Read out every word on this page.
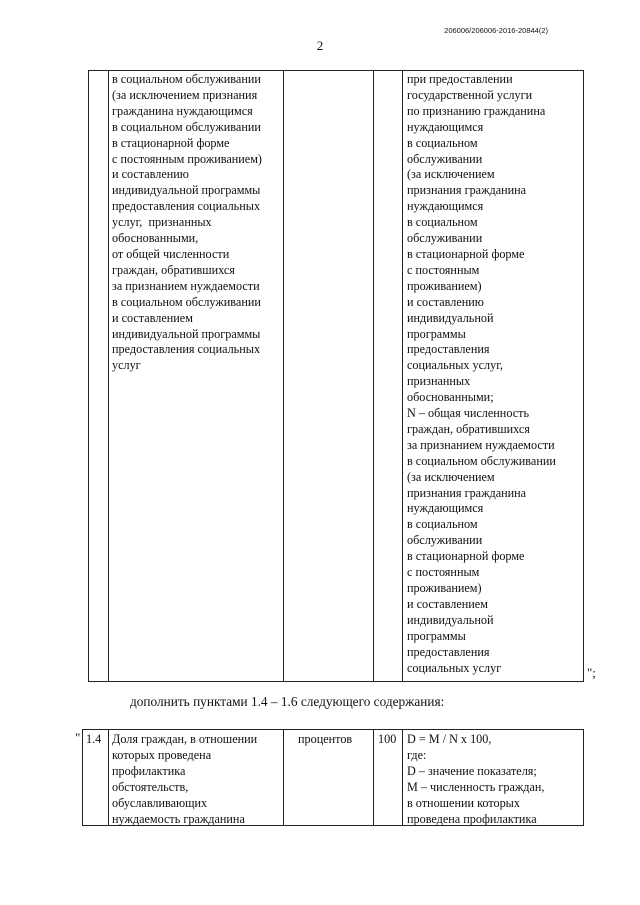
206006/206006-2016-20844(2)
2
в социальном обслуживании
(за исключением признания
гражданина нуждающимся
в социальном обслуживании
в стационарной форме
с постоянным проживанием)
и составлению
индивидуальной программы
предоставления социальных
услуг,  признанных
обоснованными,
от общей численности
граждан, обратившихся
за признанием нуждаемости
в социальном обслуживании
и составлением
индивидуальной программы
предоставления социальных
услуг
при предоставлении
государственной услуги
по признанию гражданина
нуждающимся
в социальном
обслуживании
(за исключением
признания гражданина
нуждающимся
в социальном
обслуживании
в стационарной форме
с постоянным
проживанием)
и составлению
индивидуальной
программы
предоставления
социальных услуг,
признанных
обоснованными;
N – общая численность
граждан, обратившихся
за признанием нуждаемости
в социальном обслуживании
(за исключением
признания гражданина
нуждающимся
в социальном
обслуживании
в стационарной форме
с постоянным
проживанием)
и составлением
индивидуальной
программы
предоставления
социальных услуг	";
дополнить пунктами 1.4 – 1.6 следующего содержания:
" 1.4 Доля граждан, в отношении
которых проведена
профилактика
обстоятельств,
обуславливающих
нуждаемость гражданина
процентов 100 D = M / N x 100,
где:
D – значение показателя;
M – численность граждан,
в отношении которых
проведена профилактика
